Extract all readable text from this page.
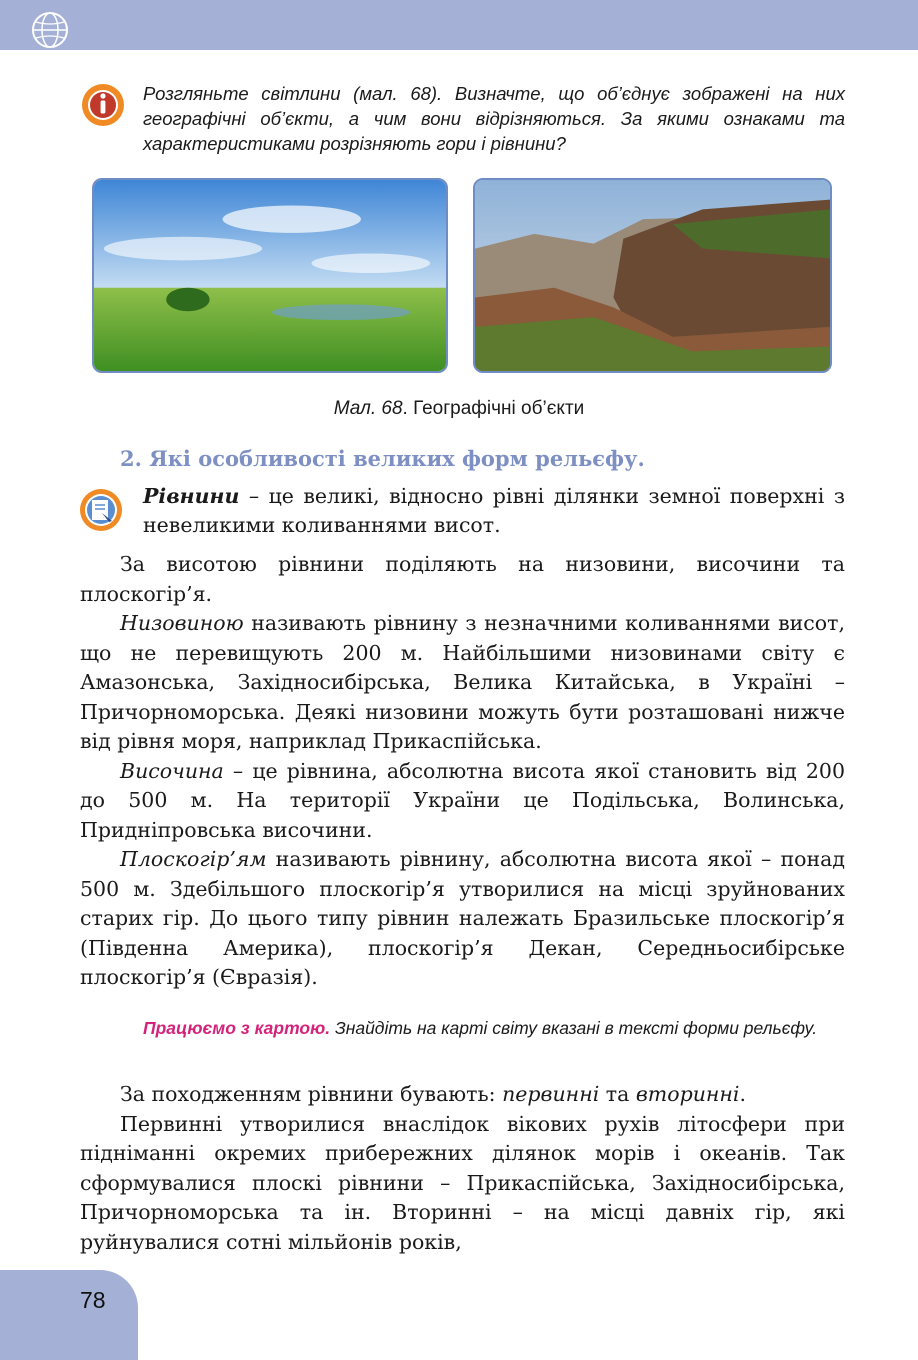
Розгляньте світлини (мал. 68). Визначте, що об’єднує зображені на них географічні об’єкти, а чим вони відрізняються. За якими ознаками та характеристиками розрізняють гори і рівнини?
Мал. 68. Географічні об’єкти
2. Які особливості великих форм рельєфу.
Рівнини – це великі, відносно рівні ділянки земної поверхні з невеликими коливаннями висот.

За висотою рівнини поділяють на низовини, височини та плоскогір’я.

Низовиною називають рівнину з незначними коливаннями висот, що не перевищують 200 м. Найбільшими низовинами світу є Амазонська, Західносибірська, Велика Китайська, в Україні – Причорноморська. Деякі низовини можуть бути розташовані нижче від рівня моря, наприклад Прикаспійська.

Височина – це рівнина, абсолютна висота якої становить від 200 до 500 м. На території України це Подільська, Волинська, Придніпровська височини.

Плоскогір’ям називають рівнину, абсолютна висота якої – понад 500 м. Здебільшого плоскогір’я утворилися на місці зруйнованих старих гір. До цього типу рівнин належать Бразильське плоскогір’я (Південна Америка), плоскогір’я Декан, Середньосибірське плоскогір’я (Євразія).

Працюємо з картою. Знайдіть на карті світу вказані в тексті форми рельєфу.

За походженням рівнини бувають: первинні та вторинні.

Первинні утворилися внаслідок вікових рухів літосфери при підніманні окремих прибережних ділянок морів і океанів. Так сформувалися плоскі рівнини – Прикаспійська, Західносибірська, Причорноморська та ін. Вторинні – на місці давніх гір, які руйнувалися сотні мільйонів років,

78
